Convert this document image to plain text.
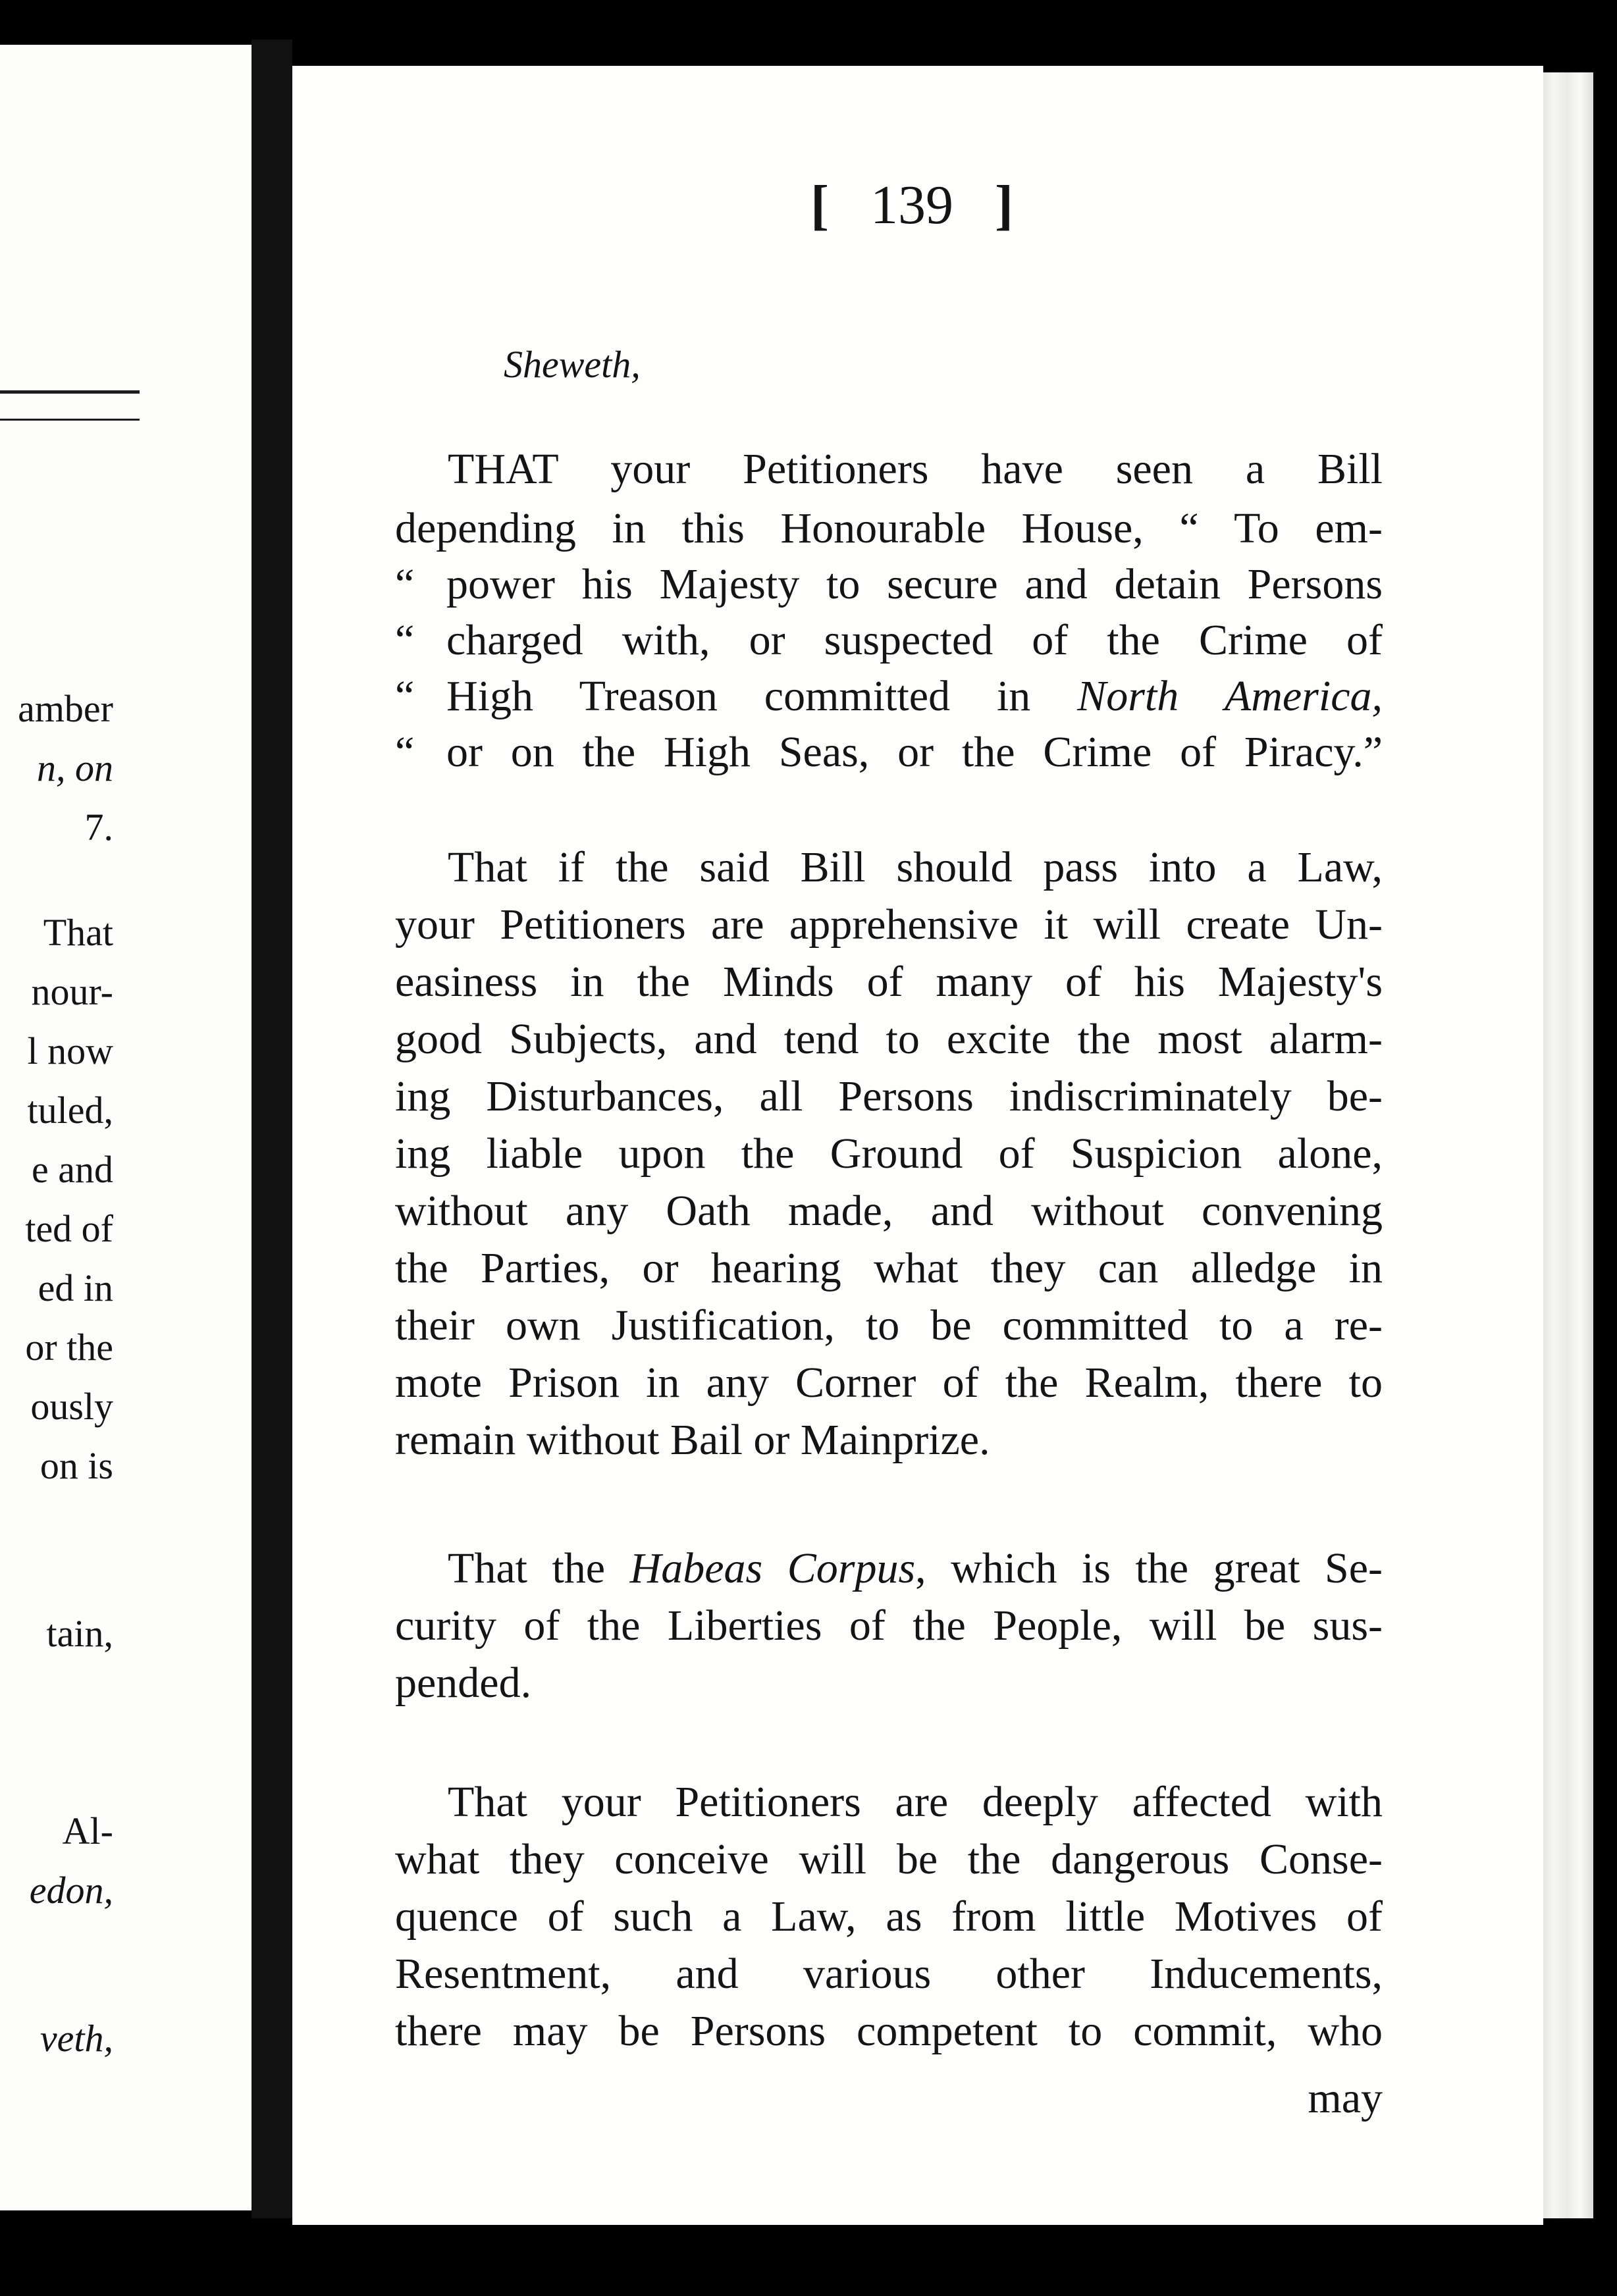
amber
n, on
7.
That
nour-
l now
tuled,
e and
ted of
ed in
or the
ously
on is
tain,
Al-
edon,
veth,
[ 139 ]
Sheweth,
THAT your Petitioners have seen a Bill
depending in this Honourable House, “ To em-
“ power his Majesty to secure and detain Persons
“ charged with, or suspected of the Crime of
“ High Treason committed in North America,
“ or on the High Seas, or the Crime of Piracy.”
That if the said Bill should pass into a Law,
your Petitioners are apprehensive it will create Un-
easiness in the Minds of many of his Majesty's
good Subjects, and tend to excite the most alarm-
ing Disturbances, all Persons indiscriminately be-
ing liable upon the Ground of Suspicion alone,
without any Oath made, and without convening
the Parties, or hearing what they can alledge in
their own Justification, to be committed to a re-
mote Prison in any Corner of the Realm, there to
remain without Bail or Mainprize.
That the Habeas Corpus, which is the great Se-
curity of the Liberties of the People, will be sus-
pended.
That your Petitioners are deeply affected with
what they conceive will be the dangerous Conse-
quence of such a Law, as from little Motives of
Resentment, and various other Inducements,
there may be Persons competent to commit, who
may
